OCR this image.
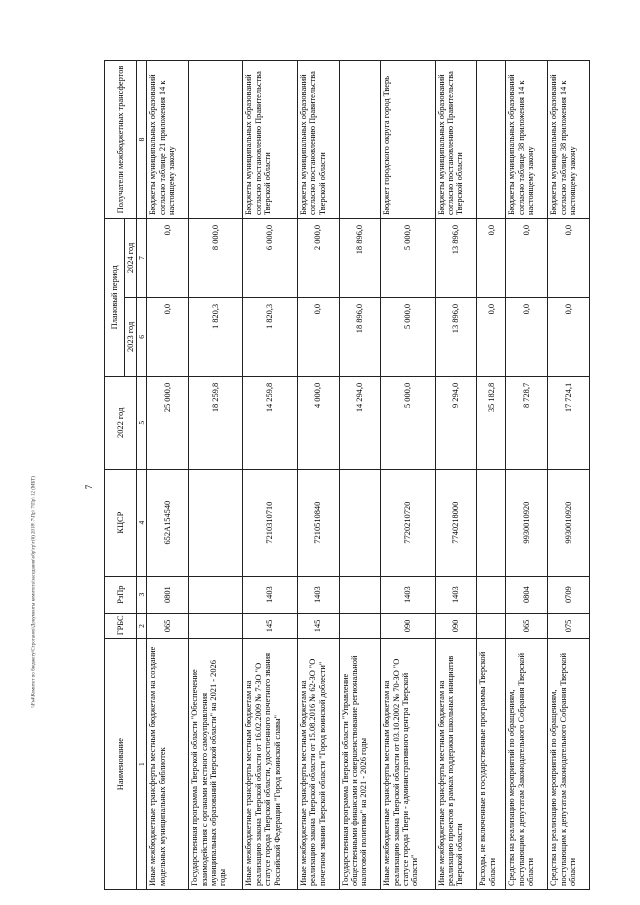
7
\\Fs4\Комитет по бюджету\Строганов\Документы комитета\заседания\обр\тр\т(6) 2018\ 7\Пр\ 7\Пр\ 12 (МБТ)
Наименование	ГРБС	РзПр	КЦСР	2022 год	Плановый период		Получатели межбюджетных трансфертов
					2023 год	2024 год	
1	2	3	4	5	6	7	8
Иные межбюджетные трансферты местным бюджетам на создание модельных муниципальных библиотек	065	0801	652A154540	25 000,0	0,0	0,0	Бюджеты муниципальных образований согласно таблице 21 приложения 14 к настоящему закону
Государственная программа Тверской области "Обеспечение взаимодействия с органами местного самоуправления муниципальных образований Тверской области" на 2021 - 2026 годы				18 259,8	1 820,3	8 000,0	
Иные межбюджетные трансферты местным бюджетам на реализацию закона Тверской области от 16.02.2009 № 7-ЗО "О статусе города Тверской области, удостоенного почетного звания Российской Федерации "Город воинской славы"	145	1403	7210310710	14 259,8	1 820,3	6 000,0	Бюджеты муниципальных образований согласно постановлению Правительства Тверской области
Иные межбюджетные трансферты местным бюджетам на реализацию закона Тверской области от 15.08.2016 № 62-ЗО "О почетном звании Тверской области "Город воинской доблести"	145	1403	7210510840	4 000,0	0,0	2 000,0	Бюджеты муниципальных образований согласно постановлению Правительства Тверской области
Государственная программа Тверской области "Управление общественными финансами и совершенствование региональной налоговой политики" на 2021 - 2026 годы				14 294,0	18 896,0	18 896,0	
Иные межбюджетные трансферты местным бюджетам на реализацию закона Тверской области от 03.10.2002 № 70-ЗО "О статусе города Твери - административного центра Тверской области"	090	1403	7720210720	5 000,0	5 000,0	5 000,0	Бюджет городского округа город Тверь
Иные межбюджетные трансферты местным бюджетам на реализацию проектов в рамках поддержки школьных инициатив Тверской области	090	1403	7740218000	9 294,0	13 896,0	13 896,0	Бюджеты муниципальных образований согласно постановлению Правительства Тверской области
Расходы, не включенные в государственные программы Тверской области				35 182,8	0,0	0,0	
Средства на реализацию мероприятий по обращениям, поступающим к депутатам Законодательного Собрания Тверской области	065	0804	9930010920	8 728,7	0,0	0,0	Бюджеты муниципальных образований согласно таблице 38 приложения 14 к настоящему закону
Средства на реализацию мероприятий по обращениям, поступающим к депутатам Законодательного Собрания Тверской области	075	0709	9930010920	17 724,1	0,0	0,0	Бюджеты муниципальных образований согласно таблице 38 приложения 14 к настоящему закону
